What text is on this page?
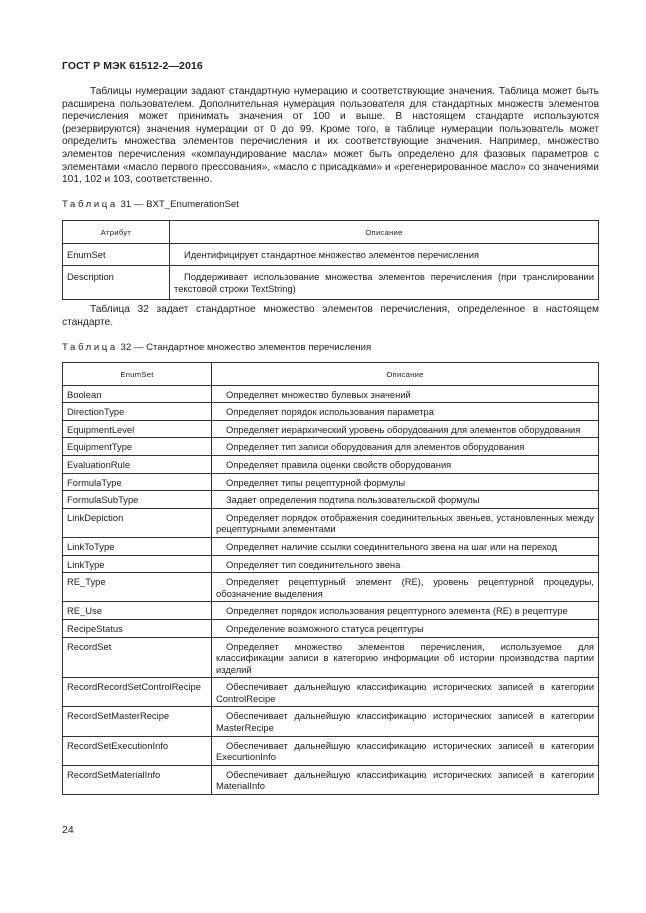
ГОСТ Р МЭК 61512-2—2016

Таблицы нумерации задают стандартную нумерацию и соответствующие значения. Таблица может быть расширена пользователем. Дополнительная нумерация пользователя для стандартных множеств элементов перечисления может принимать значения от 100 и выше. В настоящем стандарте используются (резервируются) значения нумерации от 0 до 99. Кроме того, в таблице нумерации пользователь может определить множества элементов перечисления и их соответствующие значения. Например, множество элементов перечисления «компаундирование масла» может быть определено для фазовых параметров с элементами «масло первого прессования», «масло с присадками» и «регенерированное масло» со значениями 101, 102 и 103, соответственно.

Таблица 31 — BXT_EnumerationSet
Атрибут	Описание
EnumSet	Идентифицирует стандартное множество элементов перечисления
Description	Поддерживает использование множества элементов перечисления (при транслировании текстовой строки TextString)

Таблица 32 задает стандартное множество элементов перечисления, определенное в настоящем стандарте.

Таблица 32 — Стандартное множество элементов перечисления
EnumSet	Описание
Boolean	Определяет множество булевых значений
DirectionType	Определяет порядок использования параметра
EquipmentLevel	Определяет иерархический уровень оборудования для элементов оборудования
EquipmentType	Определяет тип записи оборудования для элементов оборудования
EvaluationRule	Определяет правила оценки свойств оборудования
FormulaType	Определяет типы рецептурной формулы
FormulaSubType	Задает определения подтипа пользовательской формулы
LinkDepiction	Определяет порядок отображения соединительных звеньев, установленных между рецептурными элементами
LinkToType	Определяет наличие ссылки соединительного звена на шаг или на переход
LinkType	Определяет тип соединительного звена
RE_Type	Определяет рецептурный элемент (RE), уровень рецептурной процедуры, обозначение выделения
RE_Use	Определяет порядок использования рецептурного элемента (RE) в рецептуре
RecipeStatus	Определение возможного статуса рецептуры
RecordSet	Определяет множество элементов перечисления, используемое для классификации записи в категорию информации об истории производства партии изделий
RecordRecordSetControlRecipe	Обеспечивает дальнейшую классификацию исторических записей в категории ControlRecipe
RecordSetMasterRecipe	Обеспечивает дальнейшую классификацию исторических записей в категории MasterRecipe
RecordSetExecutionInfo	Обеспечивает дальнейшую классификацию исторических записей в категории ExecurtionInfo
RecordSetMaterialInfo	Обеспечивает дальнейшую классификацию исторических записей в категории MaterialInfo
24
